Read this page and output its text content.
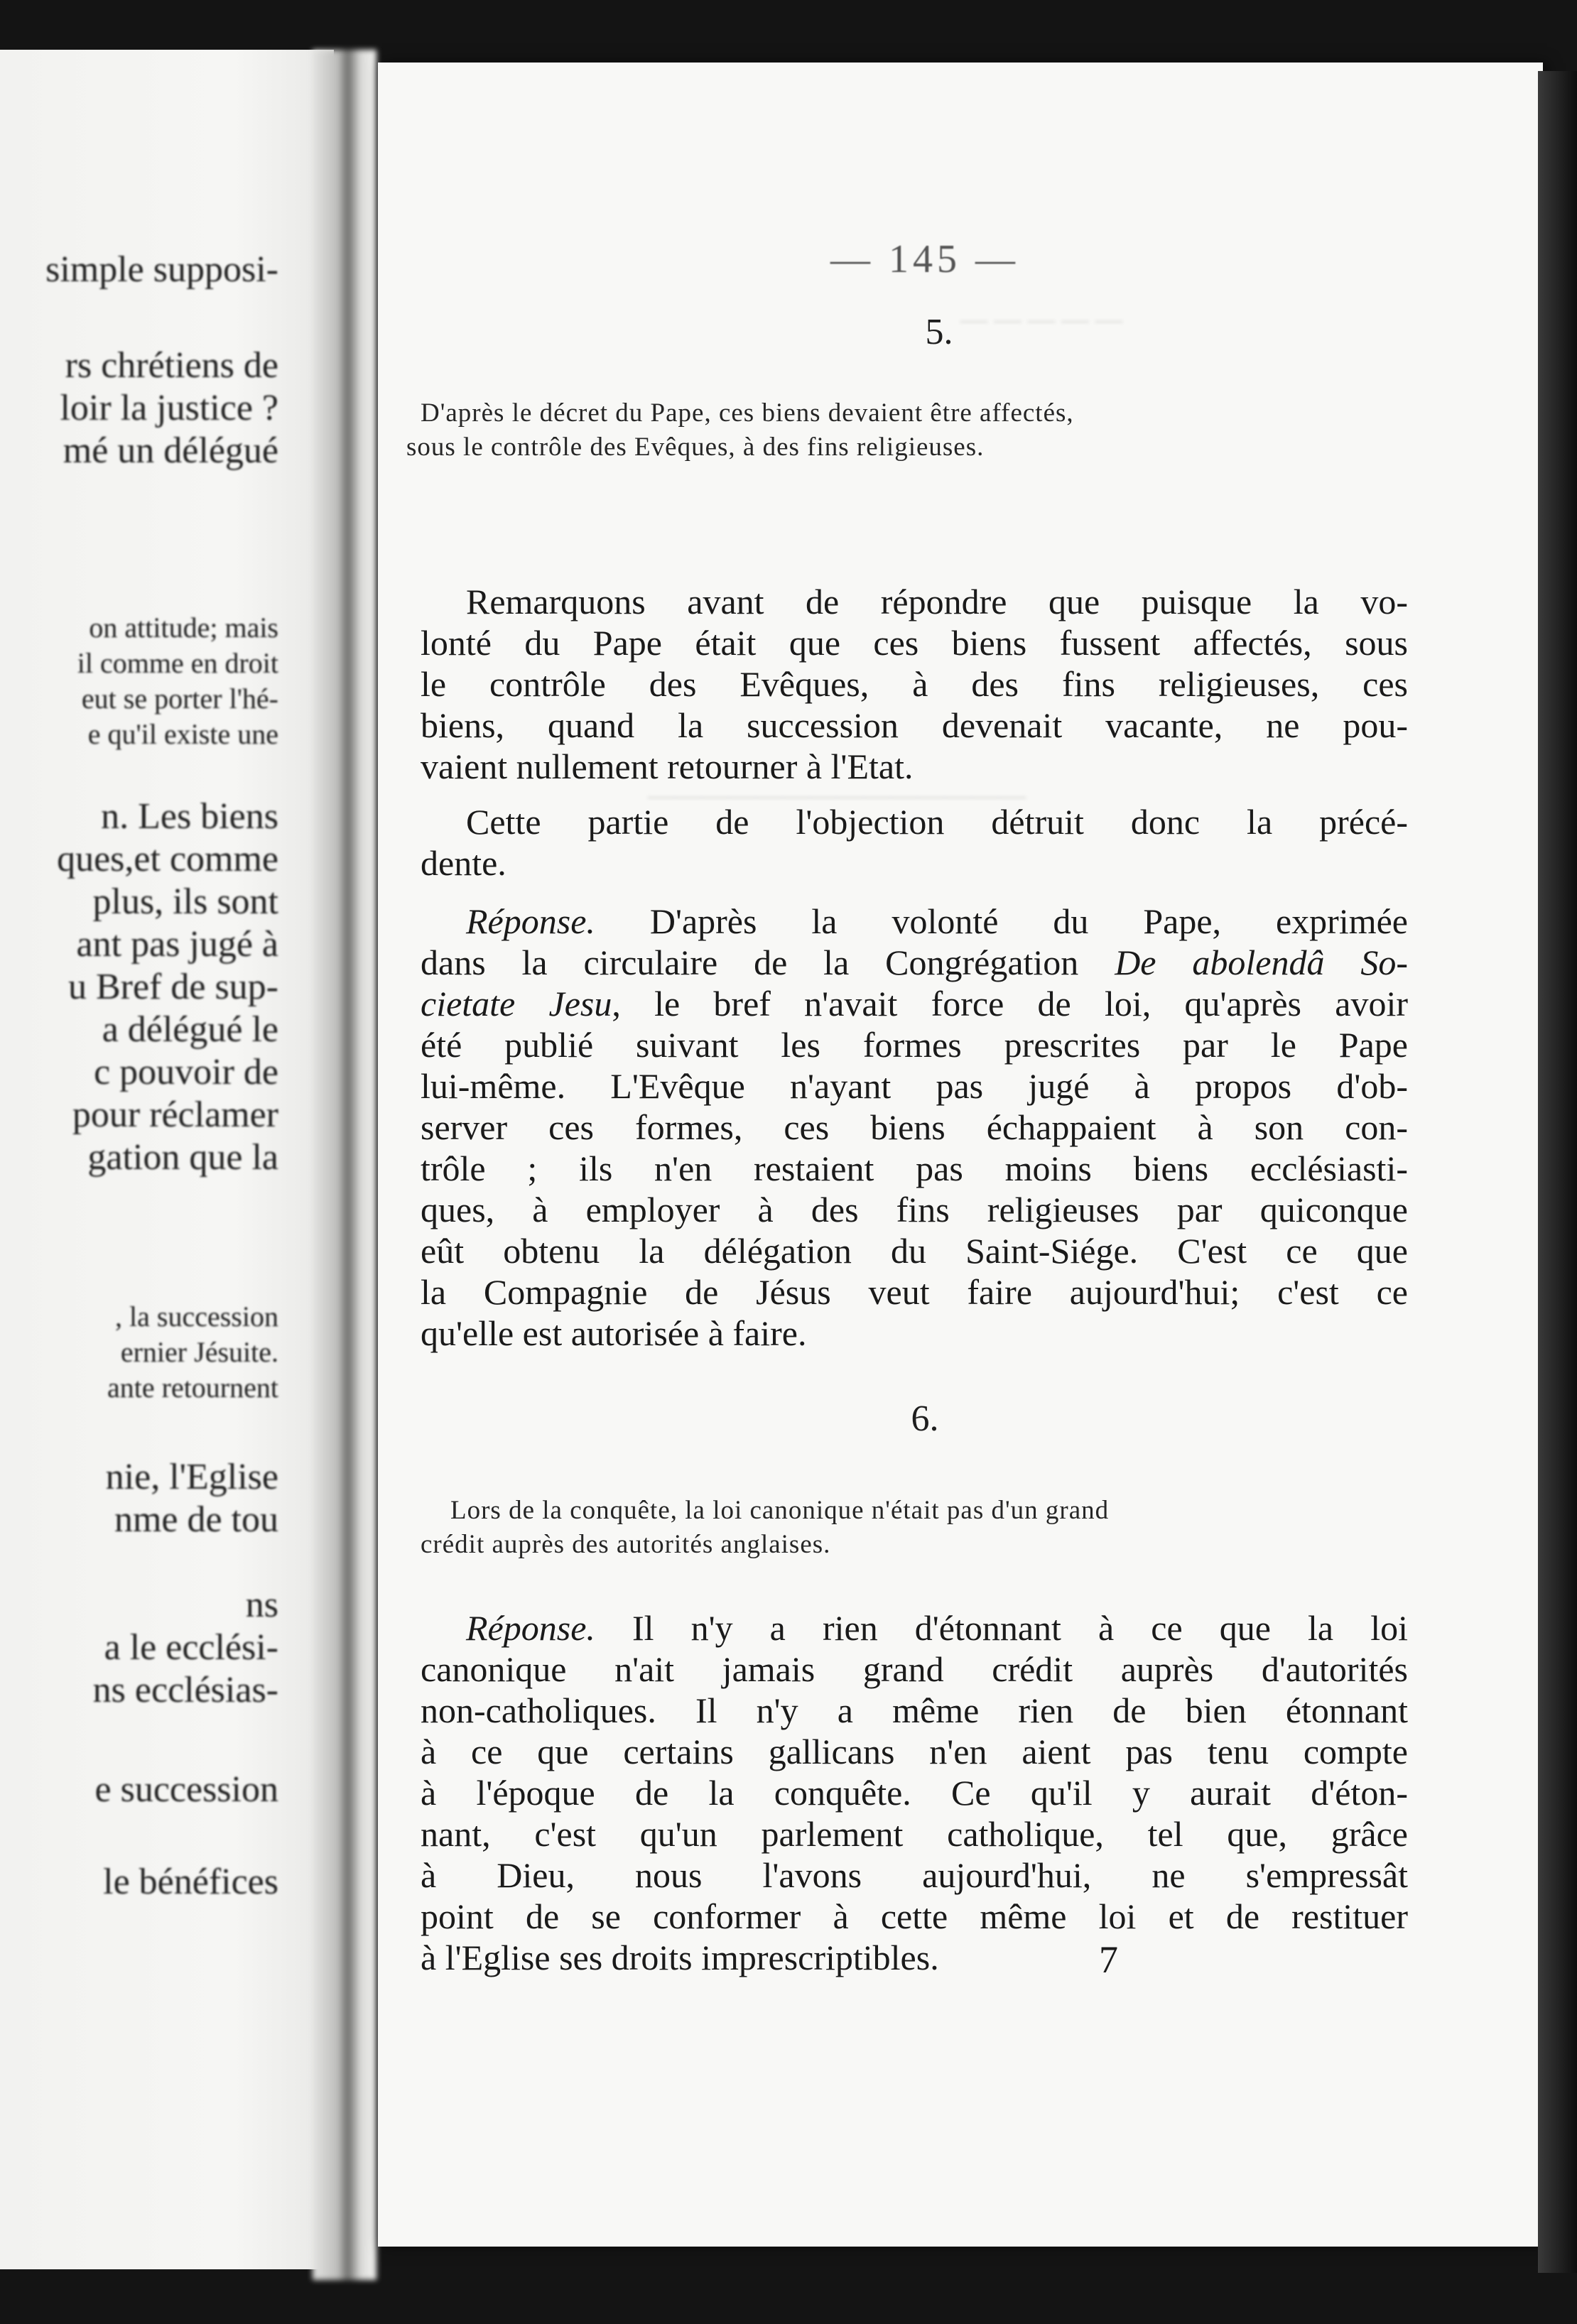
simple supposi-
rs chrétiens de
loir la justice ?
mé un délégué
on attitude; mais
il comme en droit
eut se porter l'hé-
e qu'il existe une
n. Les biens
ques,et comme
plus, ils sont
ant pas jugé à
u Bref de sup-
a délégué le
c pouvoir de
pour réclamer
gation que la
, la succession
ernier Jésuite.
ante retournent
nie, l'Eglise
nme de tou
ns
a le ecclési-
ns ecclésias-
e succession
le bénéfices
— — — — —
——————————————
— 145 —
5.
D'après le décret du Pape, ces biens devaient être affectés,
sous le contrôle des Evêques, à des fins religieuses.
Remarquons avant de répondre que puisque la vo-
lonté du Pape était que ces biens fussent affectés, sous
le contrôle des Evêques, à des fins religieuses, ces
biens, quand la succession devenait vacante, ne pou-
vaient nullement retourner à l'Etat.
Cette partie de l'objection détruit donc la précé-
dente.
Réponse. D'après la volonté du Pape, exprimée
dans la circulaire de la Congrégation De abolendâ So-
cietate Jesu, le bref n'avait force de loi, qu'après avoir
été publié suivant les formes prescrites par le Pape
lui-même. L'Evêque n'ayant pas jugé à propos d'ob-
server ces formes, ces biens échappaient à son con-
trôle ; ils n'en restaient pas moins biens ecclésiasti-
ques, à employer à des fins religieuses par quiconque
eût obtenu la délégation du Saint-Siége. C'est ce que
la Compagnie de Jésus veut faire aujourd'hui; c'est ce
qu'elle est autorisée à faire.
6.
Lors de la conquête, la loi canonique n'était pas d'un grand
crédit auprès des autorités anglaises.
Réponse. Il n'y a rien d'étonnant à ce que la loi
canonique n'ait jamais grand crédit auprès d'autorités
non-catholiques. Il n'y a même rien de bien étonnant
à ce que certains gallicans n'en aient pas tenu compte
à l'époque de la conquête. Ce qu'il y aurait d'éton-
nant, c'est qu'un parlement catholique, tel que, grâce
à Dieu, nous l'avons aujourd'hui, ne s'empressât
point de se conformer à cette même loi et de restituer
à l'Eglise ses droits imprescriptibles.	7
